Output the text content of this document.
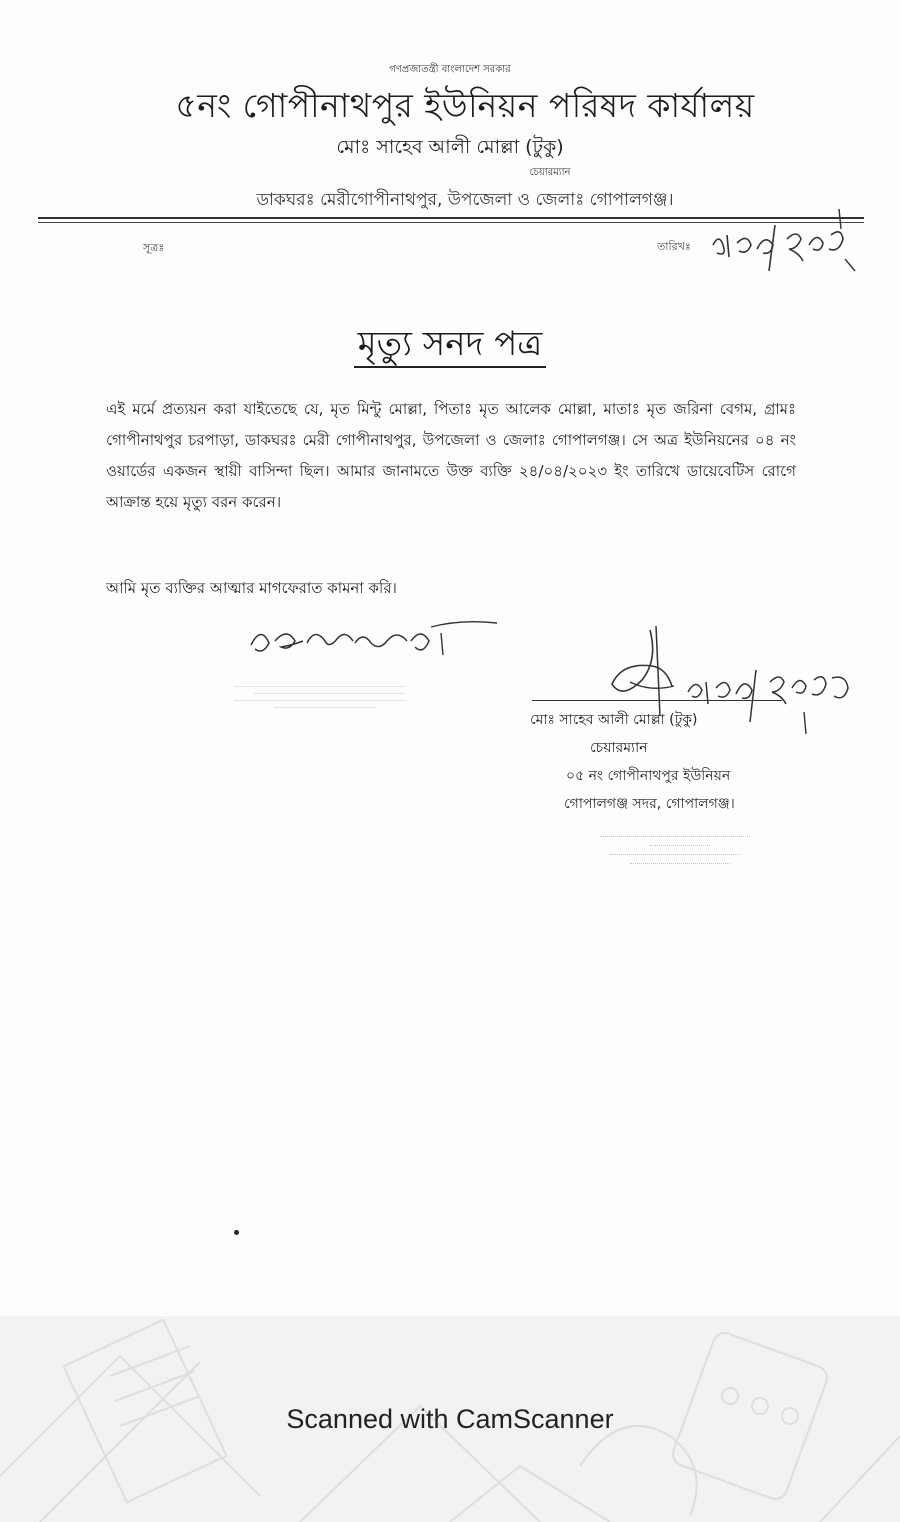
গণপ্রজাতন্ত্রী বাংলাদেশ সরকার
৫নং গোপীনাথপুর ইউনিয়ন পরিষদ কার্যালয়
মোঃ সাহেব আলী মোল্লা (টুকু)
চেয়ারম্যান
ডাকঘরঃ মেরীগোপীনাথপুর, উপজেলা ও জেলাঃ গোপালগঞ্জ।
সূত্রঃ	তারিখঃ
মৃত্যু সনদ পত্র
এই মর্মে প্রত্যয়ন করা যাইতেছে যে, মৃত মিন্টু মোল্লা, পিতাঃ মৃত আলেক মোল্লা, মাতাঃ মৃত জরিনা বেগম, গ্রামঃ গোপীনাথপুর চরপাড়া, ডাকঘরঃ মেরী গোপীনাথপুর, উপজেলা ও জেলাঃ গোপালগঞ্জ। সে অত্র ইউনিয়নের ০৪ নং ওয়ার্ডের একজন স্থায়ী বাসিন্দা ছিল। আমার জানামতে উক্ত ব্যক্তি ২৪/০৪/২০২৩ ইং তারিখে ডায়েবেটিস রোগে আক্রান্ত হয়ে মৃত্যু বরন করেন।
আমি মৃত ব্যক্তির আত্মার মাগফেরাত কামনা করি।
মোঃ সাহেব আলী মোল্লা (টুকু)
চেয়ারম্যান
০৫ নং গোপীনাথপুর ইউনিয়ন
গোপালগঞ্জ সদর, গোপালগঞ্জ।
Scanned with CamScanner
